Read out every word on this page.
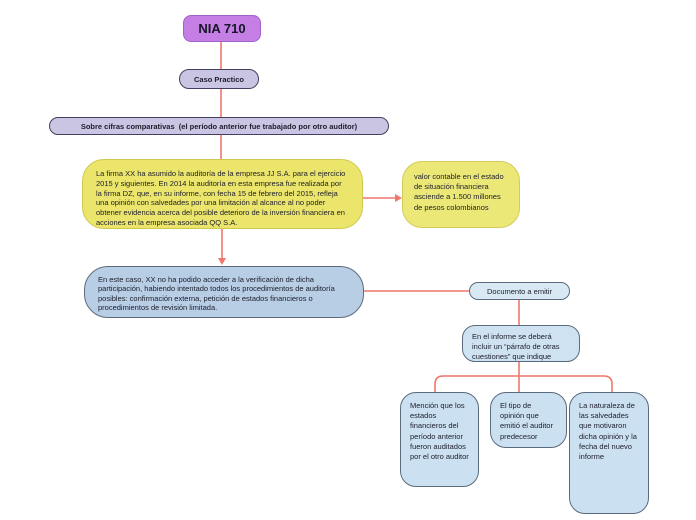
NIA 710
Caso Practico
Sobre cifras comparativas  (el período anterior fue trabajado por otro auditor)
La firma XX ha asumido la auditoría de la empresa JJ S.A. para el ejercicio 2015 y siguientes. En 2014 la auditoría en esta empresa fue realizada por la firma DZ, que, en su informe, con fecha 15 de febrero del 2015, refleja una opinión con salvedades por una limitación al alcance al no poder obtener evidencia acerca del posible deterioro de la inversión financiera en acciones en la empresa asociada QQ S.A.
valor contable en el estado de situación financiera asciende a 1.500 millones de pesos colombianos
En este caso, XX no ha podido acceder a la verificación de dicha participación, habiendo intentado todos los procedimientos de auditoría posibles: confirmación externa, petición de estados financieros o procedimientos de revisión limitada.
Documento a emitir
En el informe se deberá incluir un “párrafo de otras cuestiones” que indique
Mención que los estados financieros del período anterior fueron auditados por el otro auditor
El tipo de opinión que emitió el auditor predecesor
La naturaleza de las salvedades que motivaron dicha opinión y la fecha del nuevo informe
